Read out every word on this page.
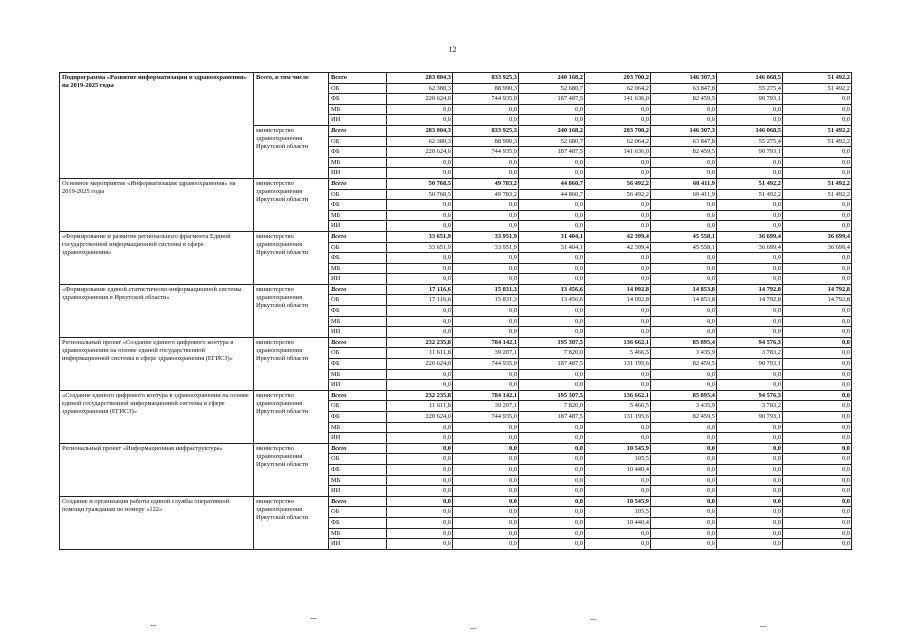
12
Подпрограмма «Развитие информатизации в здравоохранении» на 2019-2025 годы	Всего, в том числе	Всего	283 004,3	833 925,3	240 168,2	203 700,2	146 307,3	146 068,5	51 492,2
		ОБ	62 380,3	88 990,3	52 680,7	62 064,2	63 847,8	55 275,4	51 492,2
		ФБ	220 624,0	744 935,0	187 487,5	141 636,0	82 459,5	90 793,1	0,0
		МБ	0,0	0,0	0,0	0,0	0,0	0,0	0,0
		ИИ	0,0	0,0	0,0	0,0	0,0	0,0	0,0
	министерство здравоохранения Иркутской области	Всего	283 004,3	833 925,3	240 168,2	203 700,2	146 307,3	146 068,5	51 492,2
		ОБ	62 380,3	88 990,3	52 680,7	62 064,2	63 847,8	55 275,4	51 492,2
		ФБ	220 624,0	744 935,0	187 487,5	141 636,0	82 459,5	90 793,1	0,0
		МБ	0,0	0,0	0,0	0,0	0,0	0,0	0,0
		ИИ	0,0	0,0	0,0	0,0	0,0	0,0	0,0
Основное мероприятие «Информатизация здравоохранения» на 2019-2025 годы	министерство здравоохранения Иркутской области	Всего	50 768,5	49 783,2	44 860,7	56 492,2	60 411,9	51 492,2	51 492,2
		ОБ	50 768,5	49 783,2	44 860,7	56 492,2	60 411,9	51 492,2	51 492,2
		ФБ	0,0	0,0	0,0	0,0	0,0	0,0	0,0
		МБ	0,0	0,0	0,0	0,0	0,0	0,0	0,0
		ИИ	0,0	0,0	0,0	0,0	0,0	0,0	0,0
«Формирование и развитие регионального фрагмента Единой государственной информационной системы в сфере здравоохранения»	министерство здравоохранения Иркутской области	Всего	33 651,9	33 951,9	31 404,1	42 399,4	45 558,1	36 699,4	36 699,4
		ОБ	33 651,9	33 951,9	31 404,1	42 399,4	45 558,1	36 699,4	36 699,4
		ФБ	0,0	0,0	0,0	0,0	0,0	0,0	0,0
		МБ	0,0	0,0	0,0	0,0	0,0	0,0	0,0
		ИИ	0,0	0,0	0,0	0,0	0,0	0,0	0,0
«Формирование единой статистическо-информационной системы здравоохранения в Иркутской области»	министерство здравоохранения Иркутской области	Всего	17 116,6	15 831,3	13 456,6	14 092,8	14 853,8	14 792,8	14 792,8
		ОБ	17 116,6	15 831,3	13 456,6	14 092,8	14 853,8	14 792,8	14 792,8
		ФБ	0,0	0,0	0,0	0,0	0,0	0,0	0,0
		МБ	0,0	0,0	0,0	0,0	0,0	0,0	0,0
		ИИ	0,0	0,0	0,0	0,0	0,0	0,0	0,0
Региональный проект «Создание единого цифрового контура в здравоохранении на основе единой государственной информационной системы в сфере здравоохранения (ЕГИСЗ)»	министерство здравоохранения Иркутской области	Всего	232 235,8	784 142,1	195 307,5	136 662,1	85 895,4	94 576,3	0,0
		ОБ	11 611,8	39 207,1	7 820,0	5 466,5	3 435,9	3 783,2	0,0
		ФБ	220 624,0	744 935,0	187 487,5	131 195,6	82 459,5	90 793,1	0,0
		МБ	0,0	0,0	0,0	0,0	0,0	0,0	0,0
		ИИ	0,0	0,0	0,0	0,0	0,0	0,0	0,0
«Создание единого цифрового контура в здравоохранении на основе единой государственной информационной системы в сфере здравоохранения (ЕГИСЗ)»	министерство здравоохранения Иркутской области	Всего	232 235,8	784 142,1	195 307,5	136 662,1	85 895,4	94 576,3	0,0
		ОБ	11 611,8	39 207,1	7 820,0	5 466,5	3 435,9	3 783,2	0,0
		ФБ	220 624,0	744 935,0	187 487,5	131 195,6	82 459,5	90 793,1	0,0
		МБ	0,0	0,0	0,0	0,0	0,0	0,0	0,0
		ИИ	0,0	0,0	0,0	0,0	0,0	0,0	0,0
Региональный проект «Информационная инфраструктура»	министерство здравоохранения Иркутской области	Всего	0,0	0,0	0,0	10 545,9	0,0	0,0	0,0
		ОБ	0,0	0,0	0,0	105,5	0,0	0,0	0,0
		ФБ	0,0	0,0	0,0	10 440,4	0,0	0,0	0,0
		МБ	0,0	0,0	0,0	0,0	0,0	0,0	0,0
		ИИ	0,0	0,0	0,0	0,0	0,0	0,0	0,0
Создание и организация работы единой службы оперативной помощи гражданам по номеру «122»	министерство здравоохранения Иркутской области	Всего	0,0	0,0	0,0	10 545,9	0,0	0,0	0,0
		ОБ	0,0	0,0	0,0	105,5	0,0	0,0	0,0
		ФБ	0,0	0,0	0,0	10 440,4	0,0	0,0	0,0
		МБ	0,0	0,0	0,0	0,0	0,0	0,0	0,0
		ИИ	0,0	0,0	0,0	0,0	0,0	0,0	0,0
